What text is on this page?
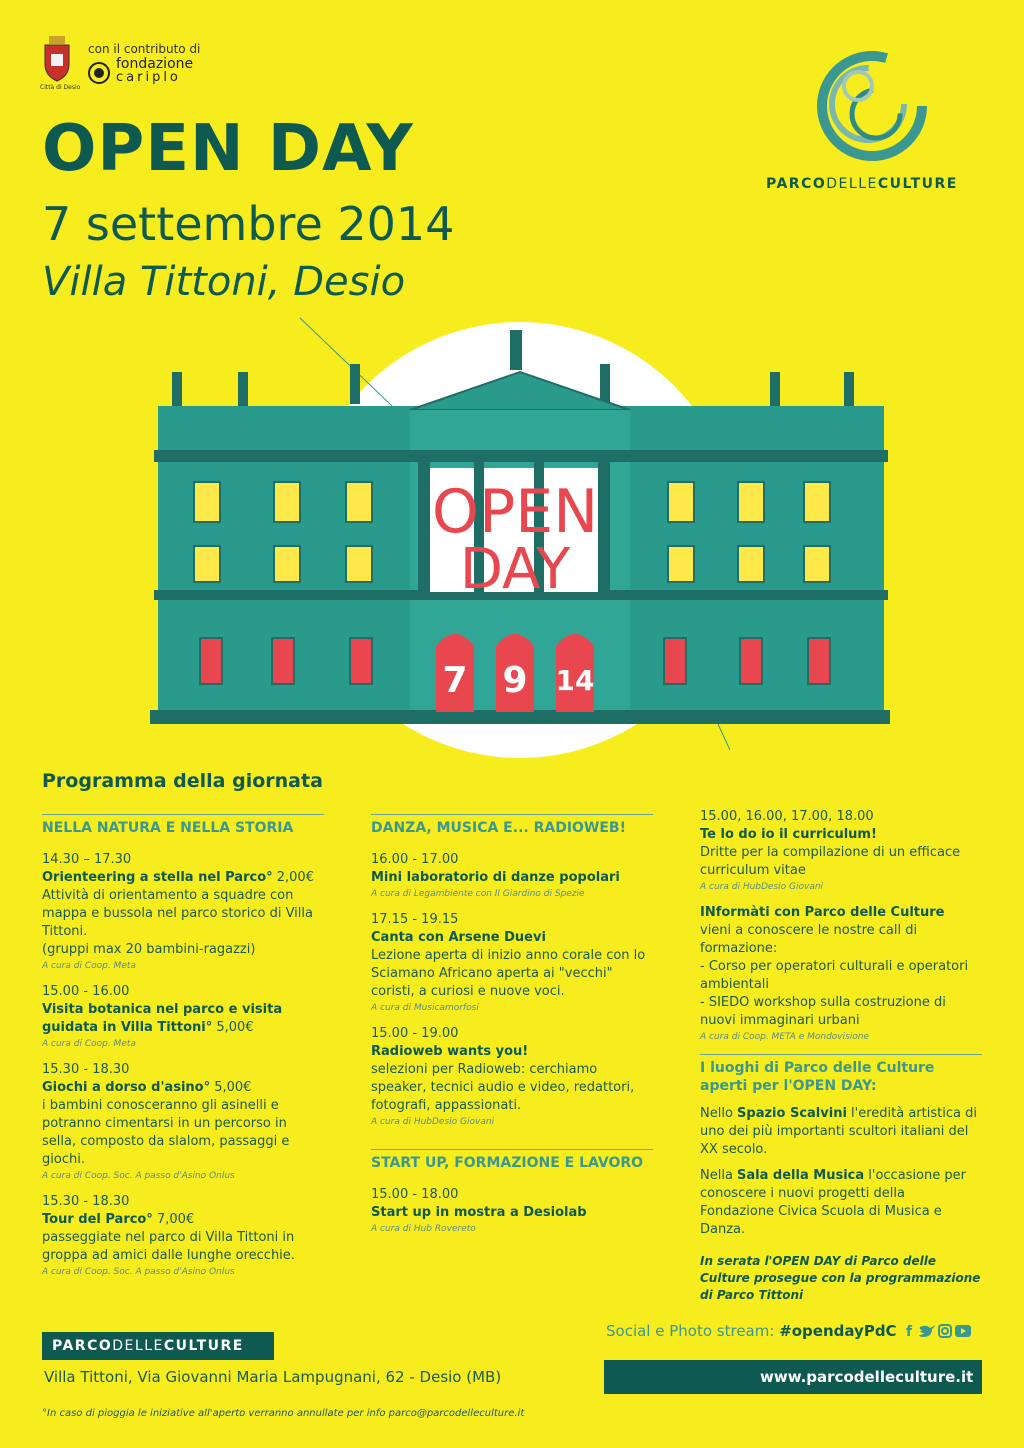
Città di Desio
con il contributo di
fondazione
cariplo
OPEN DAY
7 settembre 2014
Villa Tittoni, Desio
PARCODELLECULTURE
OPEN
DAY
7 9 14
Programma della giornata
NELLA NATURA E NELLA STORIA
14.30 – 17.30
Orienteering a stella nel Parco° 2,00€
Attività di orientamento a squadre con mappa e bussola nel parco storico di Villa Tittoni.
(gruppi max 20 bambini-ragazzi)
A cura di Coop. Meta
15.00 - 16.00
Visita botanica nel parco e visita guidata in Villa Tittoni° 5,00€
A cura di Coop. Meta
15.30 - 18.30
Giochi a dorso d'asino° 5,00€
i bambini conosceranno gli asinelli e potranno cimentarsi in un percorso in sella, composto da slalom, passaggi e giochi.
A cura di Coop. Soc. A passo d'Asino Onlus
15.30 - 18.30
Tour del Parco° 7,00€
passeggiate nel parco di Villa Tittoni in groppa ad amici dalle lunghe orecchie.
A cura di Coop. Soc. A passo d'Asino Onlus
DANZA, MUSICA E... RADIOWEB!
16.00 - 17.00
Mini laboratorio di danze popolari
A cura di Legambiente con Il Giardino di Spezie
17.15 - 19.15
Canta con Arsene Duevi
Lezione aperta di inizio anno corale con lo Sciamano Africano aperta ai "vecchi" coristi, a curiosi e nuove voci.
A cura di Musicamorfosi
15.00 - 19.00
Radioweb wants you!
selezioni per Radioweb: cerchiamo speaker, tecnici audio e video, redattori, fotografi, appassionati.
A cura di HubDesio Giovani
START UP, FORMAZIONE E LAVORO
15.00 - 18.00
Start up in mostra a Desiolab
A cura di Hub Rovereto
15.00, 16.00, 17.00, 18.00
Te lo do io il curriculum!
Dritte per la compilazione di un efficace curriculum vitae
A cura di HubDesio Giovani
INformàti con Parco delle Culture
vieni a conoscere le nostre call di formazione:
- Corso per operatori culturali e operatori ambientali
- SIEDO workshop sulla costruzione di nuovi immaginari urbani
A cura di Coop. META e Mondovisione
I luoghi di Parco delle Culture aperti per l'OPEN DAY:

Nello Spazio Scalvini l'eredità artistica di uno dei più importanti scultori italiani del XX secolo.

Nella Sala della Musica l'occasione per conoscere i nuovi progetti della Fondazione Civica Scuola di Musica e Danza.

In serata l'OPEN DAY di Parco delle Culture prosegue con la programmazione di Parco Tittoni

Social e Photo stream: #opendayPdC f
PARCODELLECULTURE
Villa Tittoni, Via Giovanni Maria Lampugnani, 62 - Desio (MB)	www.parcodelleculture.it
°In caso di pioggia le iniziative all'aperto verranno annullate per info parco@parcodelleculture.it
